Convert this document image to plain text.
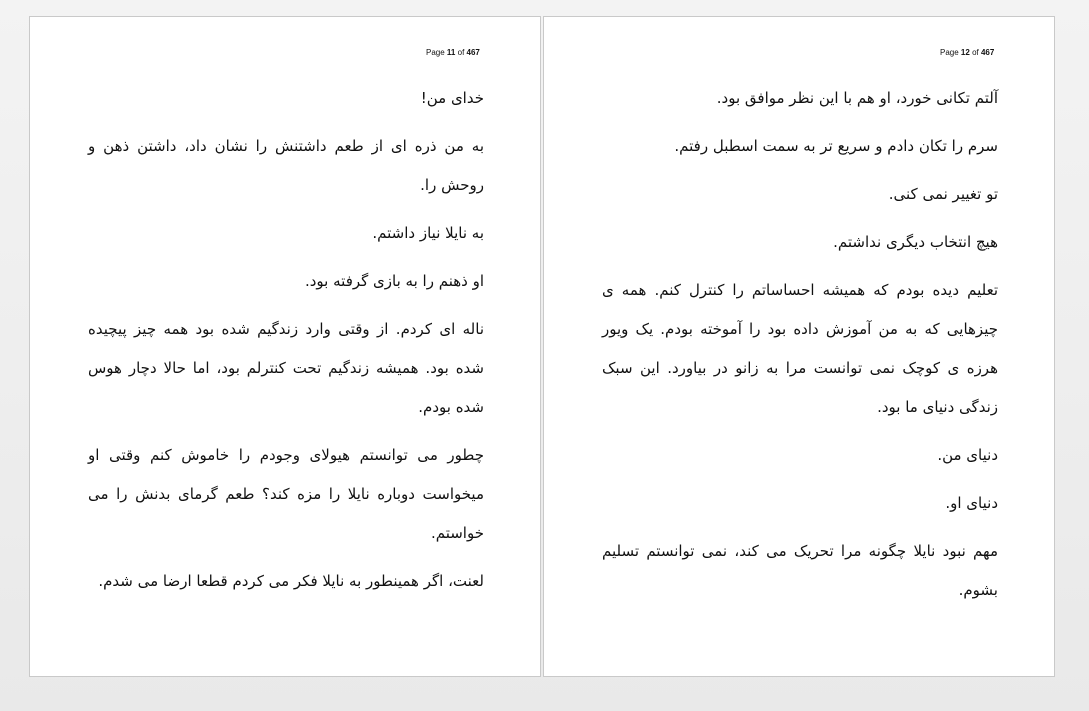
Page 11 of 467

خدای من!

به من ذره ای از طعم داشتنش را نشان داد، داشتن ذهن و روحش را.

به نایلا نیاز داشتم.

او ذهنم را به بازی گرفته بود.

ناله ای کردم. از وقتی وارد زندگیم شده بود همه چیز پیچیده شده بود. همیشه زندگیم تحت کنترلم بود، اما حالا دچار هوس شده بودم.

چطور می توانستم هیولای وجودم را خاموش کنم وقتی او میخواست دوباره نایلا را مزه کند؟ طعم گرمای بدنش را می خواستم.

لعنت، اگر همینطور به نایلا فکر می کردم قطعا ارضا می شدم.

Page 12 of 467

آلتم تکانی خورد، او هم با این نظر موافق بود.

سرم را تکان دادم و سریع تر به سمت اسطبل رفتم.

تو تغییر نمی کنی.

هیچ انتخاب دیگری نداشتم.

تعلیم دیده بودم که همیشه احساساتم را کنترل کنم. همه ی چیزهایی که به من آموزش داده بود را آموخته بودم. یک ویور هرزه ی کوچک نمی توانست مرا به زانو در بیاورد. این سبک زندگی دنیای ما بود.

دنیای من.

دنیای او.

مهم نبود نایلا چگونه مرا تحریک می کند، نمی توانستم تسلیم بشوم.
